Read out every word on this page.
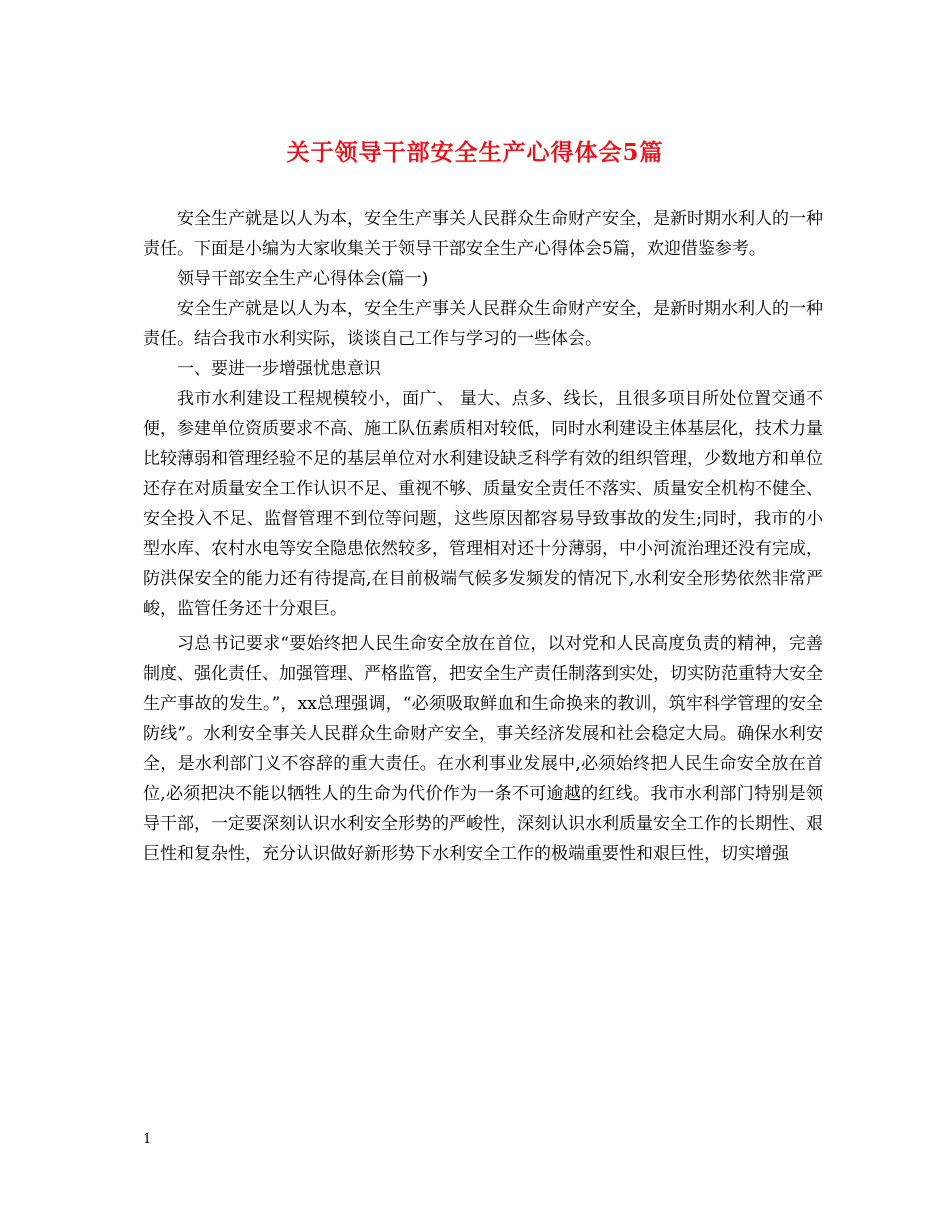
关于领导干部安全生产心得体会5篇

安全生产就是以人为本，安全生产事关人民群众生命财产安全，是新时期水利人的一种责任。下面是小编为大家收集关于领导干部安全生产心得体会5篇，欢迎借鉴参考。

领导干部安全生产心得体会(篇一)

安全生产就是以人为本，安全生产事关人民群众生命财产安全，是新时期水利人的一种责任。结合我市水利实际，谈谈自己工作与学习的一些体会。

一、要进一步增强忧患意识

我市水利建设工程规模较小，面广、 量大、点多、线长，且很多项目所处位置交通不便，参建单位资质要求不高、施工队伍素质相对较低，同时水利建设主体基层化，技术力量比较薄弱和管理经验不足的基层单位对水利建设缺乏科学有效的组织管理，少数地方和单位还存在对质量安全工作认识不足、重视不够、质量安全责任不落实、质量安全机构不健全、安全投入不足、监督管理不到位等问题，这些原因都容易导致事故的发生;同时，我市的小型水库、农村水电等安全隐患依然较多，管理相对还十分薄弱，中小河流治理还没有完成，防洪保安全的能力还有待提高,在目前极端气候多发频发的情况下,水利安全形势依然非常严峻，监管任务还十分艰巨。

习总书记要求“要始终把人民生命安全放在首位，以对党和人民高度负责的精神，完善制度、强化责任、加强管理、严格监管，把安全生产责任制落到实处，切实防范重特大安全生产事故的发生。”，xx总理强调，“必须吸取鲜血和生命换来的教训，筑牢科学管理的安全防线”。水利安全事关人民群众生命财产安全，事关经济发展和社会稳定大局。确保水利安全，是水利部门义不容辞的重大责任。在水利事业发展中,必须始终把人民生命安全放在首位,必须把决不能以牺牲人的生命为代价作为一条不可逾越的红线。我市水利部门特别是领导干部，一定要深刻认识水利安全形势的严峻性，深刻认识水利质量安全工作的长期性、艰巨性和复杂性，充分认识做好新形势下水利安全工作的极端重要性和艰巨性，切实增强

1
